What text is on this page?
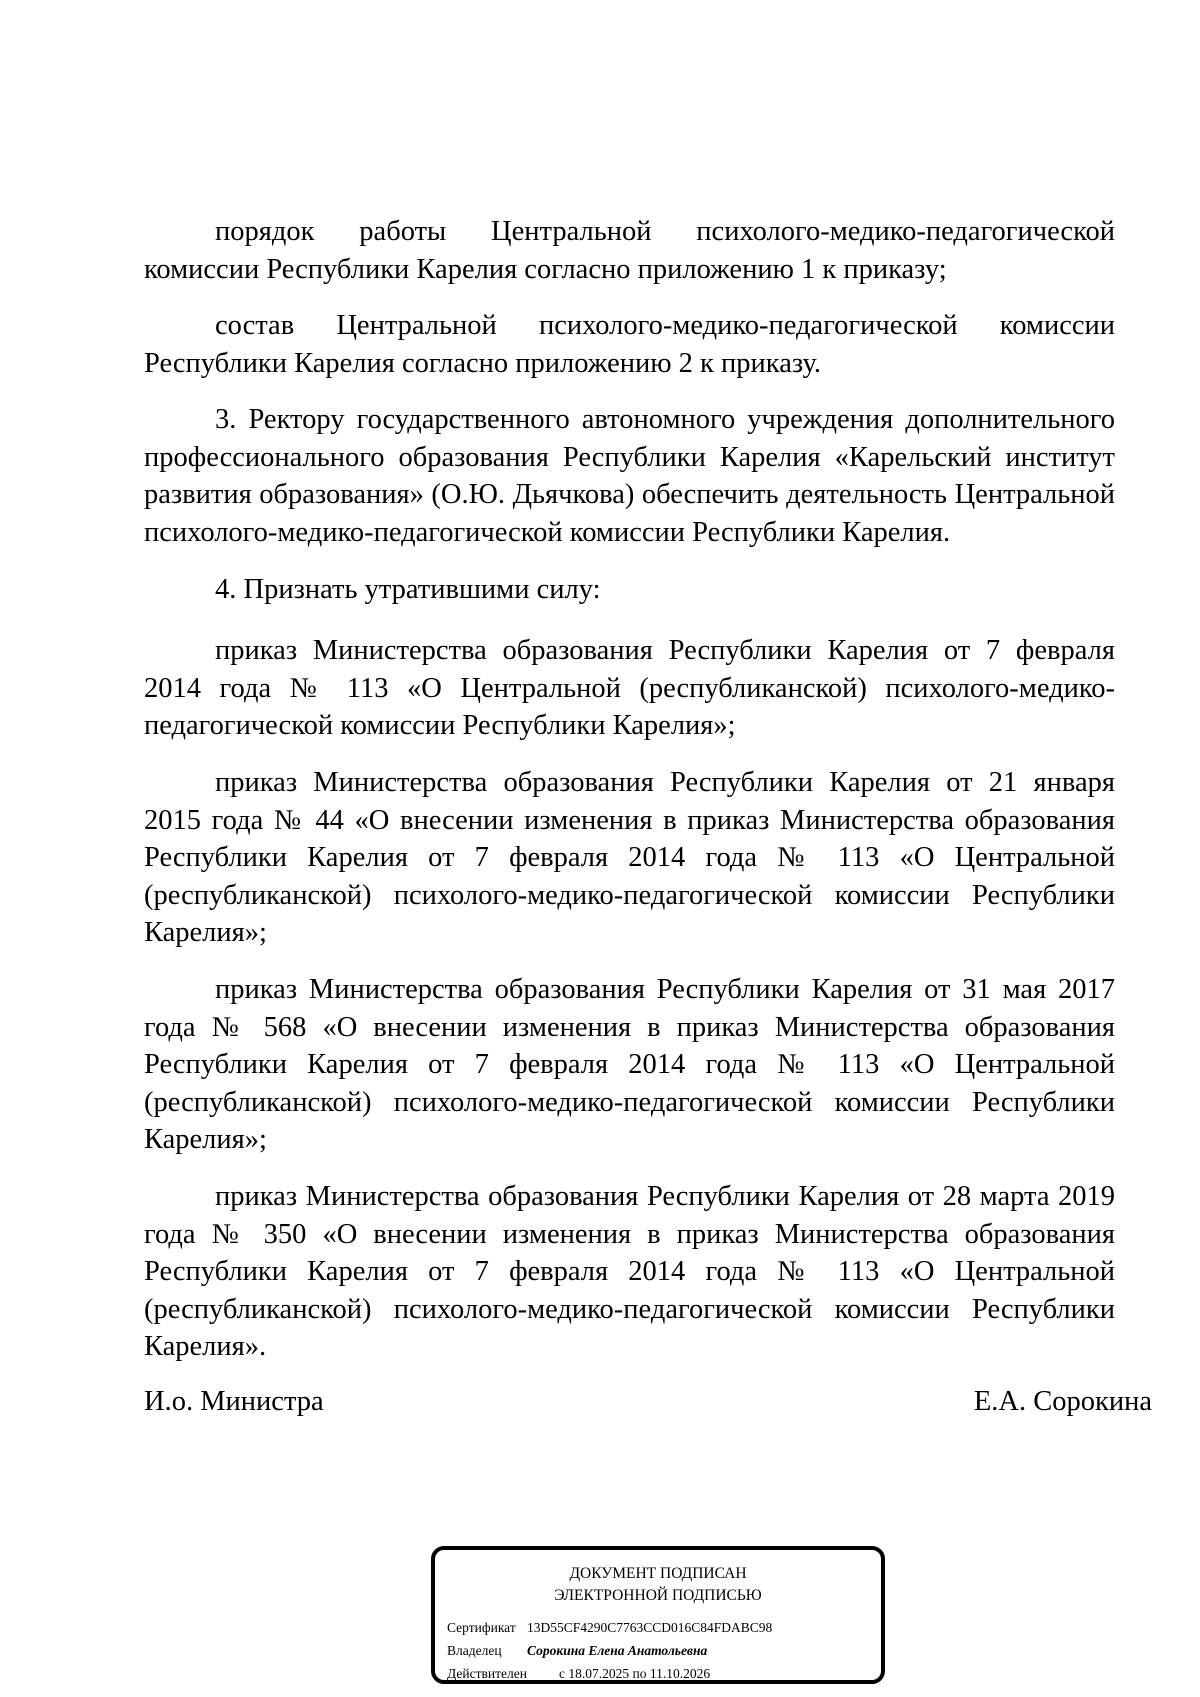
порядок работы Центральной психолого-медико-педагогической комиссии Республики Карелия согласно приложению 1 к приказу;

состав Центральной психолого-медико-педагогической комиссии Республики Карелия согласно приложению 2 к приказу.

3. Ректору государственного автономного учреждения дополнительного профессионального образования Республики Карелия «Карельский институт развития образования» (О.Ю. Дьячкова) обеспечить деятельность Центральной психолого-медико-педагогической комиссии Республики Карелия.

4. Признать утратившими силу:

приказ Министерства образования Республики Карелия от 7 февраля 2014 года № 113 «О Центральной (республиканской) психолого-медико-педагогической комиссии Республики Карелия»;

приказ Министерства образования Республики Карелия от 21 января 2015 года № 44 «О внесении изменения в приказ Министерства образования Республики Карелия от 7 февраля 2014 года № 113 «О Центральной (республиканской) психолого-медико-педагогической комиссии Республики Карелия»;

приказ Министерства образования Республики Карелия от 31 мая 2017 года № 568 «О внесении изменения в приказ Министерства образования Республики Карелия от 7 февраля 2014 года № 113 «О Центральной (республиканской) психолого-медико-педагогической комиссии Республики Карелия»;

приказ Министерства образования Республики Карелия от 28 марта 2019 года № 350 «О внесении изменения в приказ Министерства образования Республики Карелия от 7 февраля 2014 года № 113 «О Центральной (республиканской) психолого-медико-педагогической комиссии Республики Карелия».

И.о. Министра	Е.А. Сорокина
ДОКУМЕНТ ПОДПИСАН
ЭЛЕКТРОННОЙ ПОДПИСЬЮ
Сертификат 13D55CF4290C7763CCD016C84FDABC98
Владелец Сорокина Елена Анатольевна
Действителен с 18.07.2025 по 11.10.2026
